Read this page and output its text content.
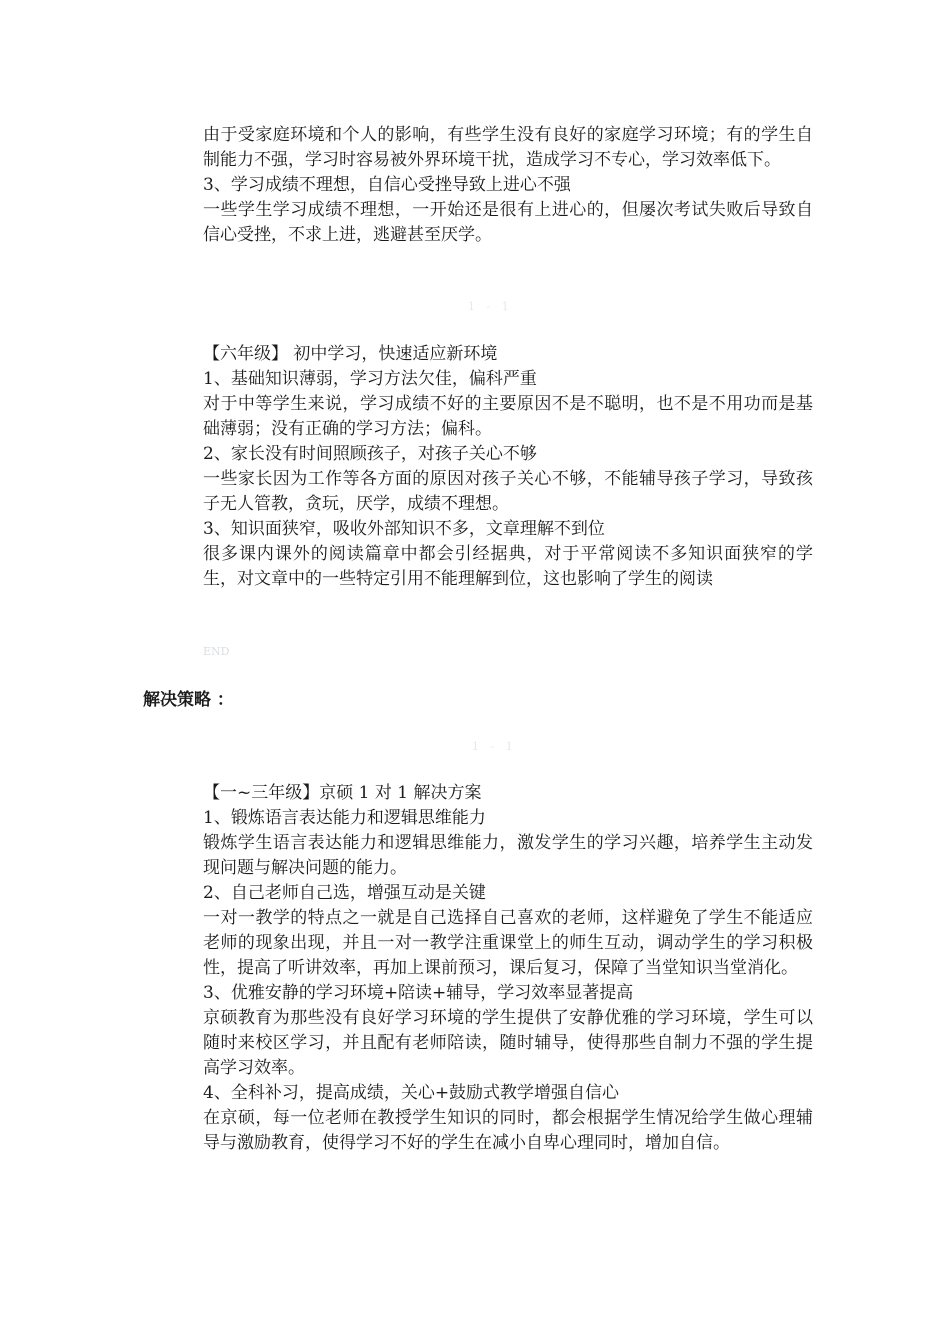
由于受家庭环境和个人的影响，有些学生没有良好的家庭学习环境；有的学生自制能力不强，学习时容易被外界环境干扰，造成学习不专心，学习效率低下。
3、学习成绩不理想，自信心受挫导致上进心不强
一些学生学习成绩不理想，一开始还是很有上进心的，但屡次考试失败后导致自信心受挫，不求上进，逃避甚至厌学。
1 - 1
【六年级】 初中学习，快速适应新环境
1、基础知识薄弱，学习方法欠佳，偏科严重
对于中等学生来说，学习成绩不好的主要原因不是不聪明，也不是不用功而是基础薄弱；没有正确的学习方法；偏科。
2、家长没有时间照顾孩子，对孩子关心不够
一些家长因为工作等各方面的原因对孩子关心不够，不能辅导孩子学习，导致孩子无人管教，贪玩，厌学，成绩不理想。
3、知识面狭窄，吸收外部知识不多，文章理解不到位
很多课内课外的阅读篇章中都会引经据典，对于平常阅读不多知识面狭窄的学生，对文章中的一些特定引用不能理解到位，这也影响了学生的阅读
END
解决策略 ：
1 - 1
【一~三年级】京硕 1 对 1 解决方案
1、锻炼语言表达能力和逻辑思维能力
锻炼学生语言表达能力和逻辑思维能力，激发学生的学习兴趣，培养学生主动发现问题与解决问题的能力。
2、自己老师自己选，增强互动是关键
一对一教学的特点之一就是自己选择自己喜欢的老师，这样避免了学生不能适应老师的现象出现，并且一对一教学注重课堂上的师生互动，调动学生的学习积极性，提高了听讲效率，再加上课前预习，课后复习，保障了当堂知识当堂消化。
3、优雅安静的学习环境+陪读+辅导，学习效率显著提高
京硕教育为那些没有良好学习环境的学生提供了安静优雅的学习环境，学生可以随时来校区学习，并且配有老师陪读，随时辅导，使得那些自制力不强的学生提高学习效率。
4、全科补习，提高成绩，关心+鼓励式教学增强自信心
在京硕，每一位老师在教授学生知识的同时，都会根据学生情况给学生做心理辅导与激励教育，使得学习不好的学生在减小自卑心理同时，增加自信。
